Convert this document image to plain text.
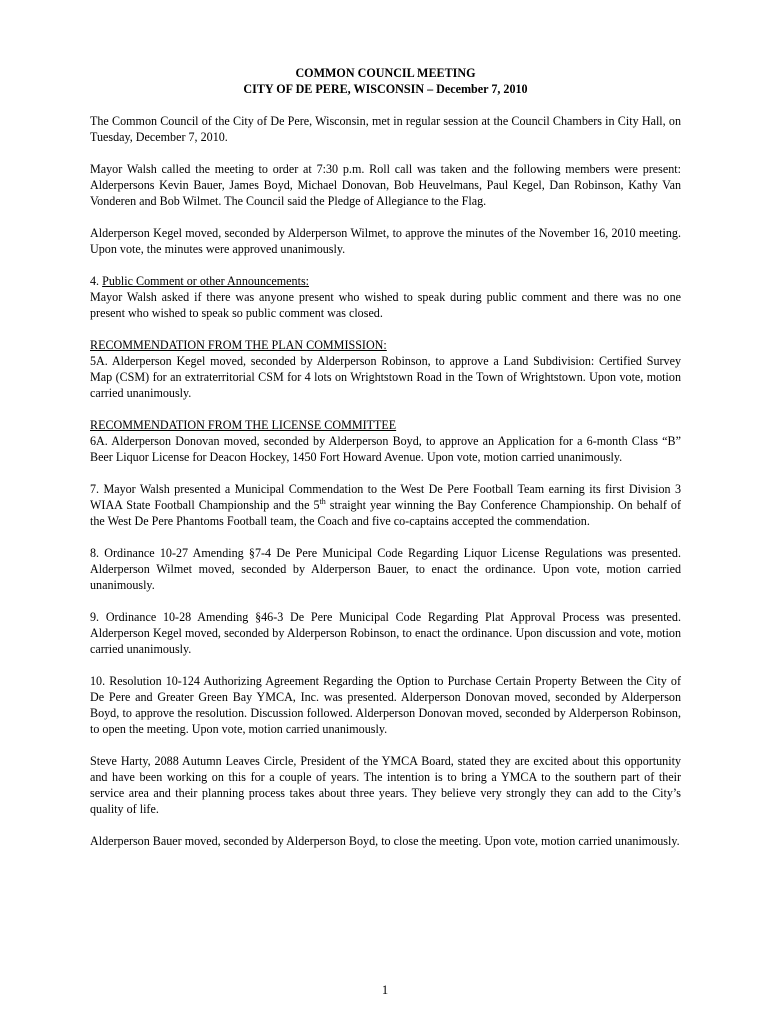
COMMON COUNCIL MEETING
CITY OF DE PERE, WISCONSIN – December 7, 2010

The Common Council of the City of De Pere, Wisconsin, met in regular session at the Council Chambers in City Hall, on Tuesday, December 7, 2010.

Mayor Walsh called the meeting to order at 7:30 p.m. Roll call was taken and the following members were present: Alderpersons Kevin Bauer, James Boyd, Michael Donovan, Bob Heuvelmans, Paul Kegel, Dan Robinson, Kathy Van Vonderen and Bob Wilmet. The Council said the Pledge of Allegiance to the Flag.

Alderperson Kegel moved, seconded by Alderperson Wilmet, to approve the minutes of the November 16, 2010 meeting. Upon vote, the minutes were approved unanimously.

4. Public Comment or other Announcements:

Mayor Walsh asked if there was anyone present who wished to speak during public comment and there was no one present who wished to speak so public comment was closed.

RECOMMENDATION FROM THE PLAN COMMISSION:

5A. Alderperson Kegel moved, seconded by Alderperson Robinson, to approve a Land Subdivision: Certified Survey Map (CSM) for an extraterritorial CSM for 4 lots on Wrightstown Road in the Town of Wrightstown. Upon vote, motion carried unanimously.

RECOMMENDATION FROM THE LICENSE COMMITTEE

6A. Alderperson Donovan moved, seconded by Alderperson Boyd, to approve an Application for a 6-month Class “B” Beer Liquor License for Deacon Hockey, 1450 Fort Howard Avenue. Upon vote, motion carried unanimously.

7. Mayor Walsh presented a Municipal Commendation to the West De Pere Football Team earning its first Division 3 WIAA State Football Championship and the 5th straight year winning the Bay Conference Championship. On behalf of the West De Pere Phantoms Football team, the Coach and five co-captains accepted the commendation.

8. Ordinance 10-27 Amending §7-4 De Pere Municipal Code Regarding Liquor License Regulations was presented. Alderperson Wilmet moved, seconded by Alderperson Bauer, to enact the ordinance. Upon vote, motion carried unanimously.

9. Ordinance 10-28 Amending §46-3 De Pere Municipal Code Regarding Plat Approval Process was presented. Alderperson Kegel moved, seconded by Alderperson Robinson, to enact the ordinance. Upon discussion and vote, motion carried unanimously.

10. Resolution 10-124 Authorizing Agreement Regarding the Option to Purchase Certain Property Between the City of De Pere and Greater Green Bay YMCA, Inc. was presented. Alderperson Donovan moved, seconded by Alderperson Boyd, to approve the resolution. Discussion followed. Alderperson Donovan moved, seconded by Alderperson Robinson, to open the meeting. Upon vote, motion carried unanimously.

Steve Harty, 2088 Autumn Leaves Circle, President of the YMCA Board, stated they are excited about this opportunity and have been working on this for a couple of years. The intention is to bring a YMCA to the southern part of their service area and their planning process takes about three years. They believe very strongly they can add to the City’s quality of life.

Alderperson Bauer moved, seconded by Alderperson Boyd, to close the meeting. Upon vote, motion carried unanimously.

1
